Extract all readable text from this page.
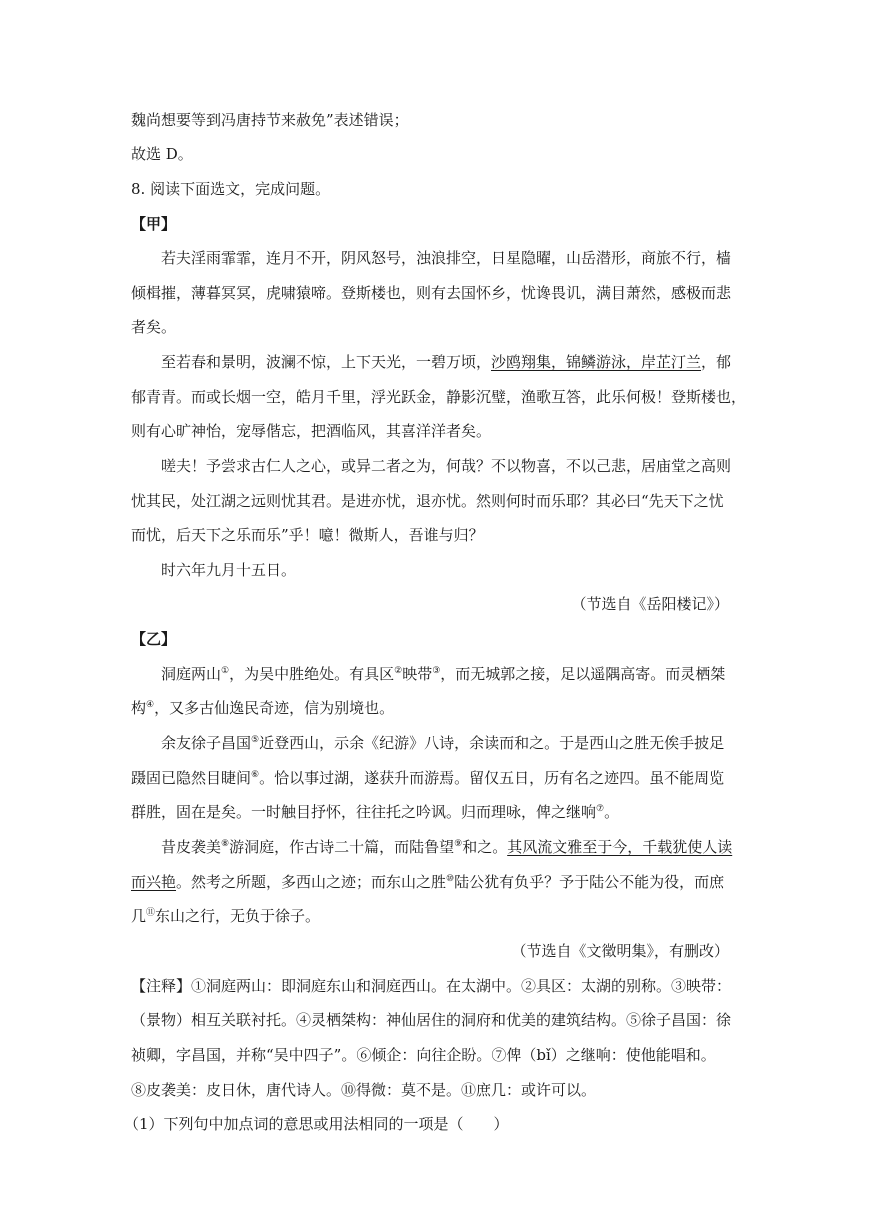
魏尚想要等到冯唐持节来赦免”表述错误；
故选 D。
8. 阅读下面选文，完成问题。
【甲】
若夫淫雨霏霏，连月不开，阴风怒号，浊浪排空，日星隐曜，山岳潜形，商旅不行，樯
倾楫摧，薄暮冥冥，虎啸猿啼。登斯楼也，则有去国怀乡，忧谗畏讥，满目萧然，感极而悲
者矣。
至若春和景明，波澜不惊，上下天光，一碧万顷，沙鸥翔集，锦鳞游泳，岸芷汀兰，郁
郁青青。而或长烟一空，皓月千里，浮光跃金，静影沉璧，渔歌互答，此乐何极！登斯楼也，
则有心旷神怡，宠辱偕忘，把酒临风，其喜洋洋者矣。
嗟夫！予尝求古仁人之心，或异二者之为，何哉？不以物喜，不以己悲，居庙堂之高则
忧其民，处江湖之远则忧其君。是进亦忧，退亦忧。然则何时而乐耶？其必曰“先天下之忧
而忧，后天下之乐而乐”乎！噫！微斯人，吾谁与归？
时六年九月十五日。
（节选自《岳阳楼记》）
【乙】
洞庭两山①，为吴中胜绝处。有具区②映带③，而无城郭之接，足以遥隅高寄。而灵栖桀
构④，又多古仙逸民奇迹，信为别境也。
余友徐子昌国⑤近登西山，示余《纪游》八诗，余读而和之。于是西山之胜无俟手披足
蹑固已隐然目睫间⑥。恰以事过湖，遂获升而游焉。留仅五日，历有名之迹四。虽不能周览
群胜，固在是矣。一时触目抒怀，往往托之吟讽。归而理咏，俾之继响⑦。
昔皮袭美⑧游洞庭，作古诗二十篇，而陆鲁望⑨和之。其风流文雅至于今，千载犹使人读
而兴艳。然考之所题，多西山之迹；而东山之胜⑩陆公犹有负乎？予于陆公不能为役，而庶
几⑪东山之行，无负于徐子。
（节选自《文徵明集》，有删改）
【注释】①洞庭两山：即洞庭东山和洞庭西山。在太湖中。②具区：太湖的别称。③映带：
（景物）相互关联衬托。④灵栖桀构：神仙居住的洞府和优美的建筑结构。⑤徐子昌国：徐
祯卿，字昌国，并称“吴中四子”。⑥倾企：向往企盼。⑦俾（bǐ）之继响：使他能唱和。
⑧皮袭美：皮日休，唐代诗人。⑩得微：莫不是。⑪庶几：或许可以。
（1）下列句中加点词的意思或用法相同的一项是（　　）
